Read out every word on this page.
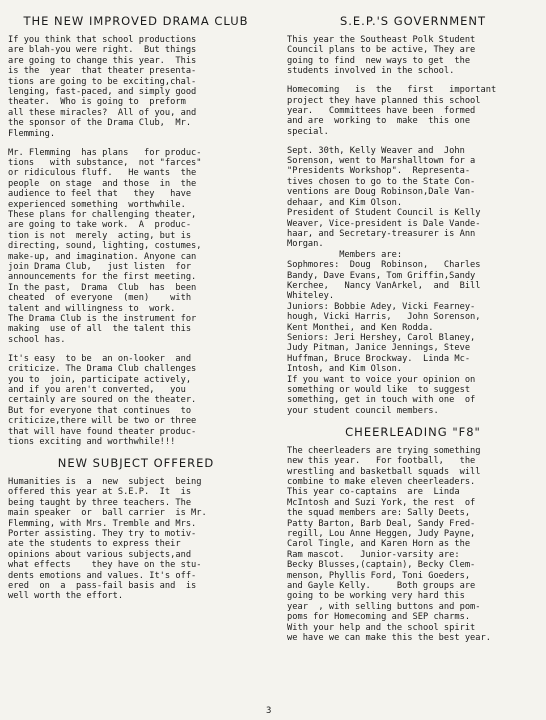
THE NEW IMPROVED DRAMA CLUB

If you think that school productions
are blah-you were right.  But things
are going to change this year.  This
is the  year  that theater presenta-
tions are going to be exciting,chal-
lenging, fast-paced, and simply good
theater.  Who is going to  preform
all these miracles?  All of you, and
the sponsor of the Drama Club,  Mr.
Flemming.

Mr. Flemming  has plans   for produc-
tions   with substance,  not "farces"
or ridiculous fluff.   He wants  the
people  on stage  and those  in  the
audience to feel that   they   have
experienced something  worthwhile.
These plans for challenging theater,
are going to take work.  A  produc-
tion is not  merely  acting, but is
directing, sound, lighting, costumes,
make-up, and imagination. Anyone can
join Drama Club,   just listen  for
announcements for the first meeting.
In the past,  Drama  Club  has  been
cheated  of everyone  (men)    with
talent and willingness to  work.
The Drama Club is the instrument for
making  use of all  the talent this
school has.

It's easy  to be  an on-looker  and
criticize. The Drama Club challenges
you to  join, participate actively,
and if you aren't converted,   you
certainly are soured on the theater.
But for everyone that continues  to
criticize,there will be two or three
that will have found theater produc-
tions exciting and worthwhile!!!

NEW SUBJECT OFFERED

Humanities is  a  new  subject  being
offered this year at S.E.P.  It  is
being taught by three teachers. The
main speaker  or  ball carrier  is Mr.
Flemming, with Mrs. Tremble and Mrs.
Porter assisting. They try to motiv-
ate the students to express their
opinions about various subjects,and
what effects    they have on the stu-
dents emotions and values. It's off-
ered  on  a  pass-fail basis and  is
well worth the effort.

S.E.P.'S GOVERNMENT

This year the Southeast Polk Student
Council plans to be active, They are
going to find  new ways to get  the
students involved in the school.

Homecoming   is  the   first   important
project they have planned this school
year.   Committees have been  formed
and are  working to  make  this one
special.

Sept. 30th, Kelly Weaver and  John
Sorenson, went to Marshalltown for a
"Presidents Workshop".  Representa-
tives chosen to go to the State Con-
ventions are Doug Robinson,Dale Van-
dehaar, and Kim Olson.
President of Student Council is Kelly
Weaver, Vice-president is Dale Vande-
haar, and Secretary-treasurer is Ann
Morgan.
Members are:
Sophmores:  Doug  Robinson,   Charles
Bandy, Dave Evans, Tom Griffin,Sandy
Kerchee,   Nancy VanArkel,  and  Bill
Whiteley.
Juniors: Bobbie Adey, Vicki Fearney-
hough, Vicki Harris,   John Sorenson,
Kent Monthei, and Ken Rodda.
Seniors: Jeri Hershey, Carol Blaney,
Judy Pitman, Janice Jennings, Steve
Huffman, Bruce Brockway.  Linda Mc-
Intosh, and Kim Olson.
If you want to voice your opinion on
something or would like  to suggest
something, get in touch with one  of
your student council members.

CHEERLEADING "F8"

The cheerleaders are trying something
new this year.   For football,   the
wrestling and basketball squads  will
combine to make eleven cheerleaders.
This year co-captains  are  Linda
McIntosh and Suzi York, the rest  of
the squad members are: Sally Deets,
Patty Barton, Barb Deal, Sandy Fred-
regill, Lou Anne Heggen, Judy Payne,
Carol Tingle, and Karen Horn as the
Ram mascot.   Junior-varsity are:
Becky Blusses,(captain), Becky Clem-
menson, Phyllis Ford, Toni Goeders,
and Gayle Kelly.     Both groups are
going to be working very hard this
year  , with selling buttons and pom-
poms for Homecoming and SEP charms.
With your help and the school spirit
we have we can make this the best year.

3
